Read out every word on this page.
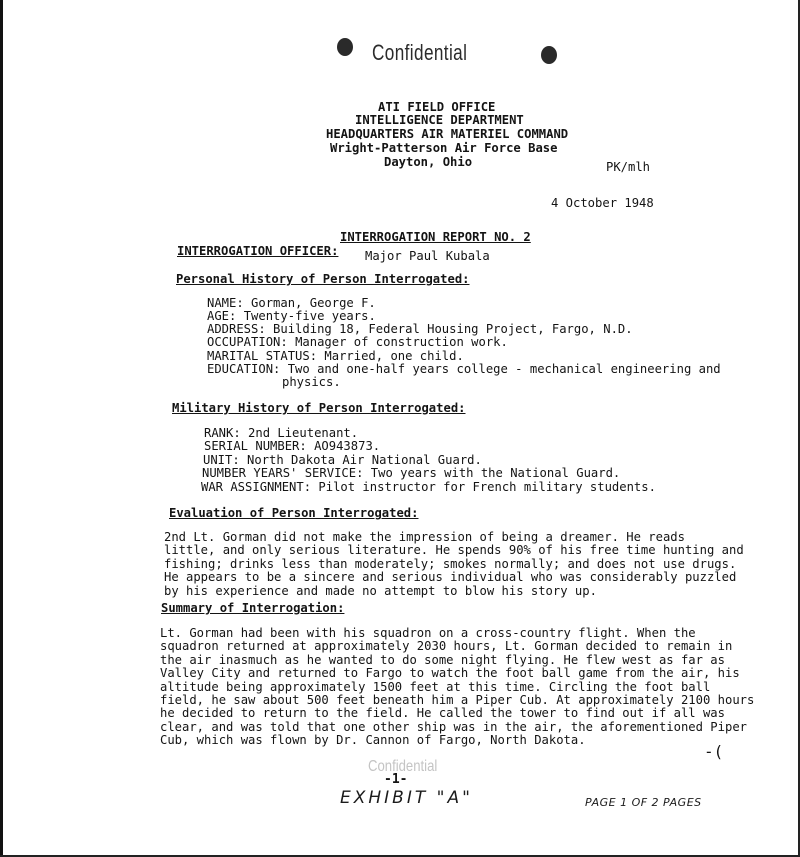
Confidential
ATI FIELD OFFICE
INTELLIGENCE DEPARTMENT
HEADQUARTERS AIR MATERIEL COMMAND
Wright-Patterson Air Force Base
Dayton, Ohio	PK/mlh
4 October 1948
INTERROGATION REPORT NO. 2
INTERROGATION OFFICER: Major Paul Kubala
Personal History of Person Interrogated:
NAME: Gorman, George F.
AGE: Twenty-five years.
ADDRESS: Building 18, Federal Housing Project, Fargo, N.D.
OCCUPATION: Manager of construction work.
MARITAL STATUS: Married, one child.
EDUCATION: Two and one-half years college - mechanical engineering and
physics.
Military History of Person Interrogated:
RANK: 2nd Lieutenant.
SERIAL NUMBER: AO943873.
UNIT: North Dakota Air National Guard.
NUMBER YEARS' SERVICE: Two years with the National Guard.
WAR ASSIGNMENT: Pilot instructor for French military students.
Evaluation of Person Interrogated:
2nd Lt. Gorman did not make the impression of being a dreamer. He reads
little, and only serious literature. He spends 90% of his free time hunting and
fishing; drinks less than moderately; smokes normally; and does not use drugs.
He appears to be a sincere and serious individual who was considerably puzzled
by his experience and made no attempt to blow his story up.
Summary of Interrogation:
Lt. Gorman had been with his squadron on a cross-country flight. When the
squadron returned at approximately 2030 hours, Lt. Gorman decided to remain in
the air inasmuch as he wanted to do some night flying. He flew west as far as
Valley City and returned to Fargo to watch the foot ball game from the air, his
altitude being approximately 1500 feet at this time. Circling the foot ball
field, he saw about 500 feet beneath him a Piper Cub. At approximately 2100 hours
he decided to return to the field. He called the tower to find out if all was
clear, and was told that one other ship was in the air, the aforementioned Piper
Cub, which was flown by Dr. Cannon of Fargo, North Dakota.
-(
Confidential
-1-
EXHIBIT "A"	PAGE 1 OF 2 PAGES
